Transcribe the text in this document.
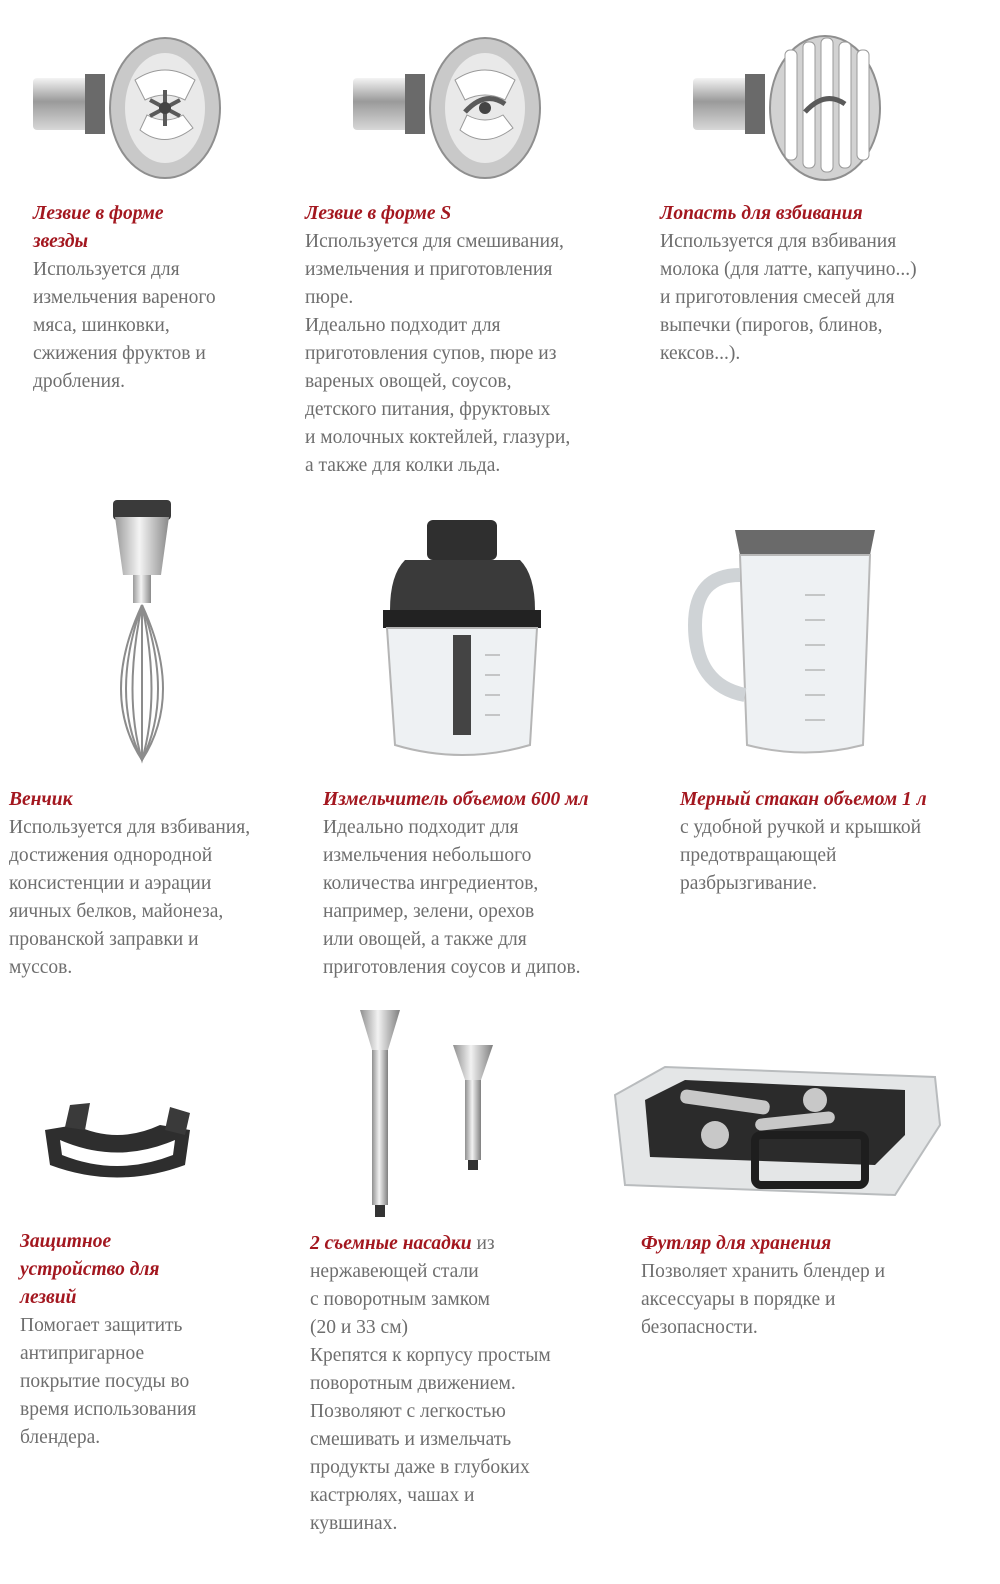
Лезвие в форме
звезды
Используется для
измельчения вареного
мяса, шинковки,
сжижения фруктов и
дробления.
Лезвие в форме S
Используется для смешивания,
измельчения и приготовления
пюре.
Идеально подходит для
приготовления супов, пюре из
вареных овощей, соусов,
детского питания, фруктовых
и молочных коктейлей, глазури,
а также для колки льда.
Лопасть для взбивания
Используется для взбивания
молока (для латте, капучино...)
и приготовления смесей для
выпечки (пирогов, блинов,
кексов...).
Венчик
Используется для взбивания,
достижения однородной
консистенции и аэрации
яичных белков, майонеза,
прованской заправки и
муссов.
Измельчитель объемом 600 мл
Идеально подходит для
измельчения небольшого
количества ингредиентов,
например, зелени, орехов
или овощей, а также для
приготовления соусов и дипов.
Мерный стакан объемом 1 л
с удобной ручкой и крышкой
предотвращающей
разбрызгивание.
Защитное
устройство для
лезвий
Помогает защитить
антипригарное
покрытие посуды во
время использования
блендера.
2 съемные насадки из
нержавеющей стали
с поворотным замком
(20 и 33 см)
Крепятся к корпусу простым
поворотным движением.
Позволяют с легкостью
смешивать и измельчать
продукты даже в глубоких
кастрюлях, чашах и
кувшинах.
Футляр для хранения
Позволяет хранить блендер и
аксессуары в порядке и
безопасности.
